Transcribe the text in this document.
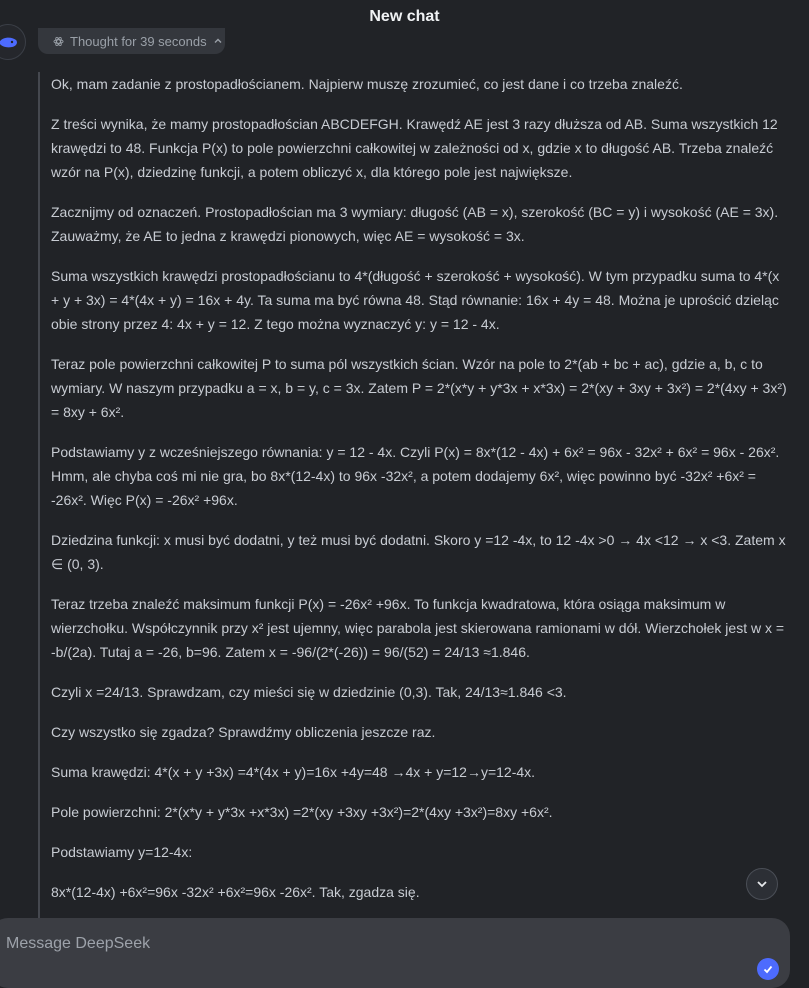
New chat
Thought for 39 seconds

Ok, mam zadanie z prostopadłościanem. Najpierw muszę zrozumieć, co jest dane i co trzeba znaleźć.

Z treści wynika, że mamy prostopadłościan ABCDEFGH. Krawędź AE jest 3 razy dłuższa od AB. Suma wszystkich 12 krawędzi to 48. Funkcja P(x) to pole powierzchni całkowitej w zależności od x, gdzie x to długość AB. Trzeba znaleźć wzór na P(x), dziedzinę funkcji, a potem obliczyć x, dla którego pole jest największe.

Zacznijmy od oznaczeń. Prostopadłościan ma 3 wymiary: długość (AB = x), szerokość (BC = y) i wysokość (AE = 3x). Zauważmy, że AE to jedna z krawędzi pionowych, więc AE = wysokość = 3x.

Suma wszystkich krawędzi prostopadłościanu to 4*(długość + szerokość + wysokość). W tym przypadku suma to 4*(x + y + 3x) = 4*(4x + y) = 16x + 4y. Ta suma ma być równa 48. Stąd równanie: 16x + 4y = 48. Można je uprościć dzieląc obie strony przez 4: 4x + y = 12. Z tego można wyznaczyć y: y = 12 - 4x.

Teraz pole powierzchni całkowitej P to suma pól wszystkich ścian. Wzór na pole to 2*(ab + bc + ac), gdzie a, b, c to wymiary. W naszym przypadku a = x, b = y, c = 3x. Zatem P = 2*(x*y + y*3x + x*3x) = 2*(xy + 3xy + 3x²) = 2*(4xy + 3x²) = 8xy + 6x².

Podstawiamy y z wcześniejszego równania: y = 12 - 4x. Czyli P(x) = 8x*(12 - 4x) + 6x² = 96x - 32x² + 6x² = 96x - 26x². Hmm, ale chyba coś mi nie gra, bo 8x*(12-4x) to 96x -32x², a potem dodajemy 6x², więc powinno być -32x² +6x² = -26x². Więc P(x) = -26x² +96x.

Dziedzina funkcji: x musi być dodatni, y też musi być dodatni. Skoro y =12 -4x, to 12 -4x >0 → 4x <12 → x <3. Zatem x ∈ (0, 3).

Teraz trzeba znaleźć maksimum funkcji P(x) = -26x² +96x. To funkcja kwadratowa, która osiąga maksimum w wierzchołku. Współczynnik przy x² jest ujemny, więc parabola jest skierowana ramionami w dół. Wierzchołek jest w x = -b/(2a). Tutaj a = -26, b=96. Zatem x = -96/(2*(-26)) = 96/(52) = 24/13 ≈1.846.

Czyli x =24/13. Sprawdzam, czy mieści się w dziedzinie (0,3). Tak, 24/13≈1.846 <3.

Czy wszystko się zgadza? Sprawdźmy obliczenia jeszcze raz.

Suma krawędzi: 4*(x + y +3x) =4*(4x + y)=16x +4y=48 →4x + y=12→y=12-4x.

Pole powierzchni: 2*(x*y + y*3x +x*3x) =2*(xy +3xy +3x²)=2*(4xy +3x²)=8xy +6x².

Podstawiamy y=12-4x:

8x*(12-4x) +6x²=96x -32x² +6x²=96x -26x². Tak, zgadza się.

Message DeepSeek
